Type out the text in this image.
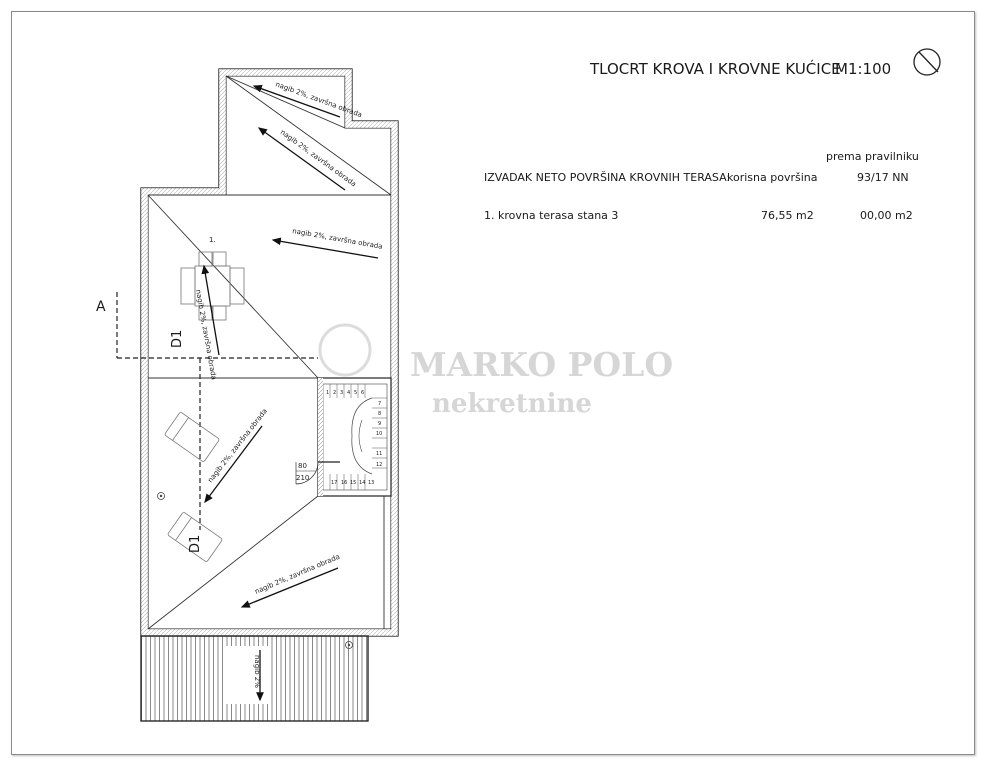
TLOCRT KROVA I KROVNE KUĆICE
M1:100
IZVADAK NETO POVRŠINA KROVNIH TERASA:
korisna površina
prema pravilniku
93/17 NN
1. krovna terasa stana 3	76,55 m2	00,00 m2
MARKO POLO
nekretnine
A
1 2 3 4 5 6
7
8
9
10
11
12
13
14
15
16
17
80
210
1.
D1
D1
nagib 2%, završna obrada
nagib 2%, završna obrada
nagib 2%, završna obrada
nagib 2%, završna obrada
nagib 2%, završna obrada
nagib 2%, završna obrada
nagib 2%
